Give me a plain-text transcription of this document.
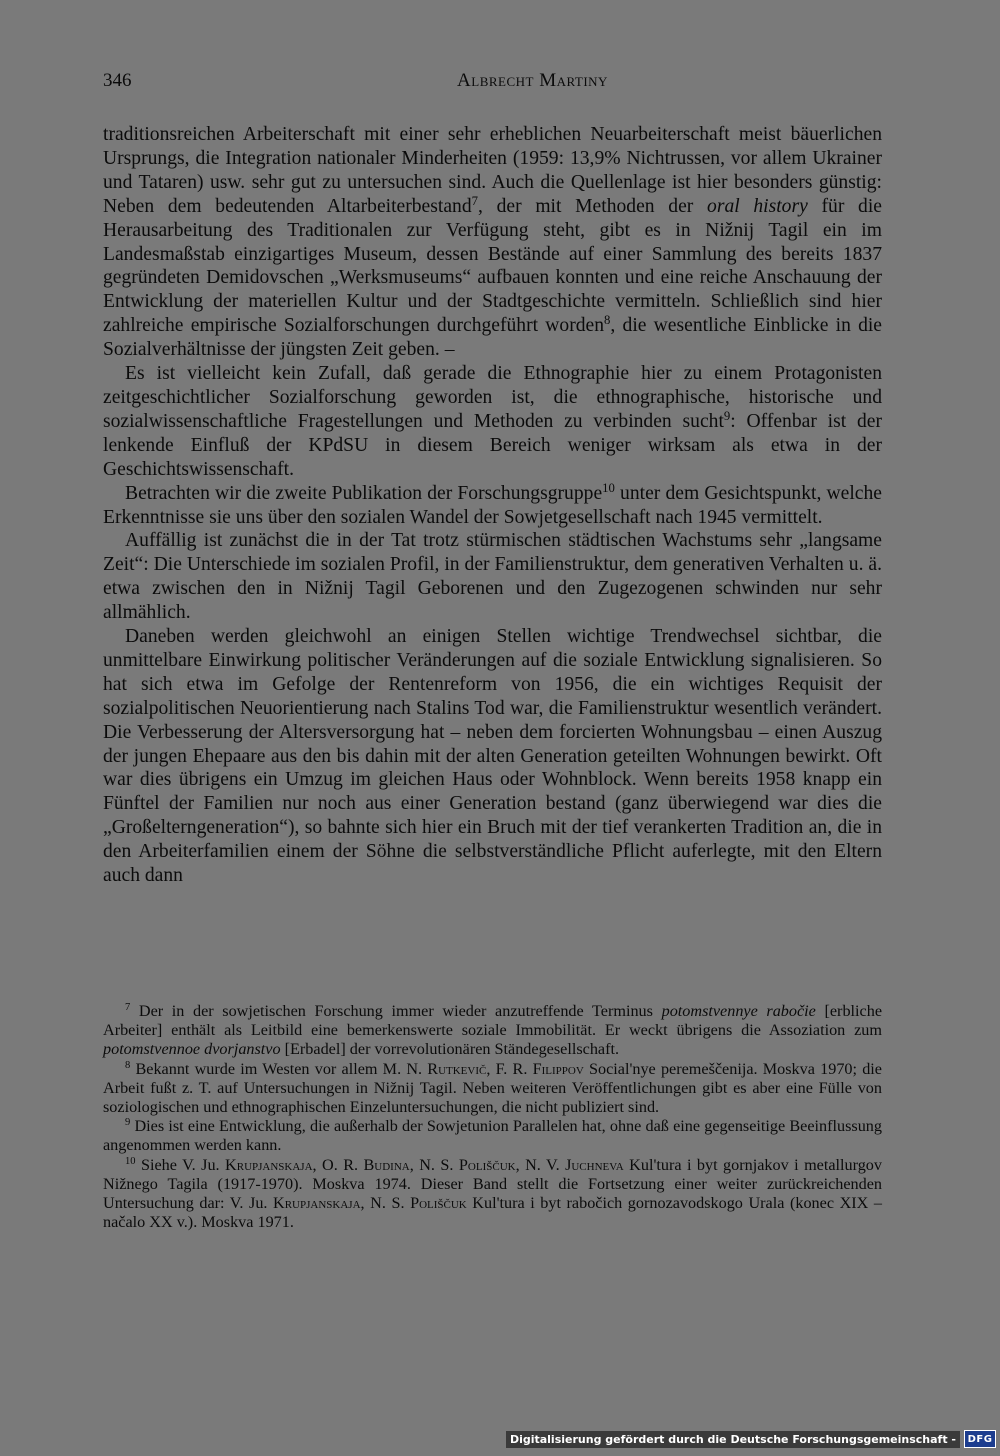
346	Albrecht Martiny

traditionsreichen Arbeiterschaft mit einer sehr erheblichen Neuarbeiterschaft meist bäuerlichen Ursprungs, die Integration nationaler Minderheiten (1959: 13,9% Nichtrussen, vor allem Ukrainer und Tataren) usw. sehr gut zu untersuchen sind. Auch die Quellenlage ist hier besonders günstig: Neben dem bedeutenden Altarbeiterbestand$^7$, der mit Methoden der oral history für die Herausarbeitung des Traditionalen zur Verfügung steht, gibt es in Nižnij Tagil ein im Landesmaßstab einzigartiges Museum, dessen Bestände auf einer Sammlung des bereits 1837 gegründeten Demidovschen „Werksmuseums“ aufbauen konnten und eine reiche Anschauung der Entwicklung der materiellen Kultur und der Stadtgeschichte vermitteln. Schließlich sind hier zahlreiche empirische Sozialforschungen durchgeführt worden$^8$, die wesentliche Einblicke in die Sozialverhältnisse der jüngsten Zeit geben. –

Es ist vielleicht kein Zufall, daß gerade die Ethnographie hier zu einem Protagonisten zeitgeschichtlicher Sozialforschung geworden ist, die ethnographische, historische und sozialwissenschaftliche Fragestellungen und Methoden zu verbinden sucht$^9$: Offenbar ist der lenkende Einfluß der KPdSU in diesem Bereich weniger wirksam als etwa in der Geschichtswissenschaft.

Betrachten wir die zweite Publikation der Forschungsgruppe$^{10}$ unter dem Gesichtspunkt, welche Erkenntnisse sie uns über den sozialen Wandel der Sowjetgesellschaft nach 1945 vermittelt.

Auffällig ist zunächst die in der Tat trotz stürmischen städtischen Wachstums sehr „langsame Zeit“: Die Unterschiede im sozialen Profil, in der Familienstruktur, dem generativen Verhalten u. ä. etwa zwischen den in Nižnij Tagil Geborenen und den Zugezogenen schwinden nur sehr allmählich.

Daneben werden gleichwohl an einigen Stellen wichtige Trendwechsel sichtbar, die unmittelbare Einwirkung politischer Veränderungen auf die soziale Entwicklung signalisieren. So hat sich etwa im Gefolge der Rentenreform von 1956, die ein wichtiges Requisit der sozialpolitischen Neuorientierung nach Stalins Tod war, die Familienstruktur wesentlich verändert. Die Verbesserung der Altersversorgung hat – neben dem forcierten Wohnungsbau – einen Auszug der jungen Ehepaare aus den bis dahin mit der alten Generation geteilten Wohnungen bewirkt. Oft war dies übrigens ein Umzug im gleichen Haus oder Wohnblock. Wenn bereits 1958 knapp ein Fünftel der Familien nur noch aus einer Generation bestand (ganz überwiegend war dies die „Großelterngeneration“), so bahnte sich hier ein Bruch mit der tief verankerten Tradition an, die in den Arbeiterfamilien einem der Söhne die selbstverständliche Pflicht auferlegte, mit den Eltern auch dann

$^7$ Der in der sowjetischen Forschung immer wieder anzutreffende Terminus potomstvennye rabočie [erbliche Arbeiter] enthält als Leitbild eine bemerkenswerte soziale Immobilität. Er weckt übrigens die Assoziation zum potomstvennoe dvorjanstvo [Erbadel] der vorrevolutionären Ständegesellschaft.

$^8$ Bekannt wurde im Westen vor allem M. N. Rutkevič, F. R. Filippov Social'nye peremeščenija. Moskva 1970; die Arbeit fußt z. T. auf Untersuchungen in Nižnij Tagil. Neben weiteren Veröffentlichungen gibt es aber eine Fülle von soziologischen und ethnographischen Einzeluntersuchungen, die nicht publiziert sind.

$^9$ Dies ist eine Entwicklung, die außerhalb der Sowjetunion Parallelen hat, ohne daß eine gegenseitige Beeinflussung angenommen werden kann.

$^{10}$ Siehe V. Ju. Krupjanskaja, O. R. Budina, N. S. Poliščuk, N. V. Juchneva Kul'tura i byt gornjakov i metallurgov Nižnego Tagila (1917-1970). Moskva 1974. Dieser Band stellt die Fortsetzung einer weiter zurückreichenden Untersuchung dar: V. Ju. Krupjanskaja, N. S. Poliščuk Kul'tura i byt rabočich gornozavodskogo Urala (konec XIX – načalo XX v.). Moskva 1971.

Digitalisierung gefördert durch die Deutsche Forschungsgemeinschaft -	DFG
